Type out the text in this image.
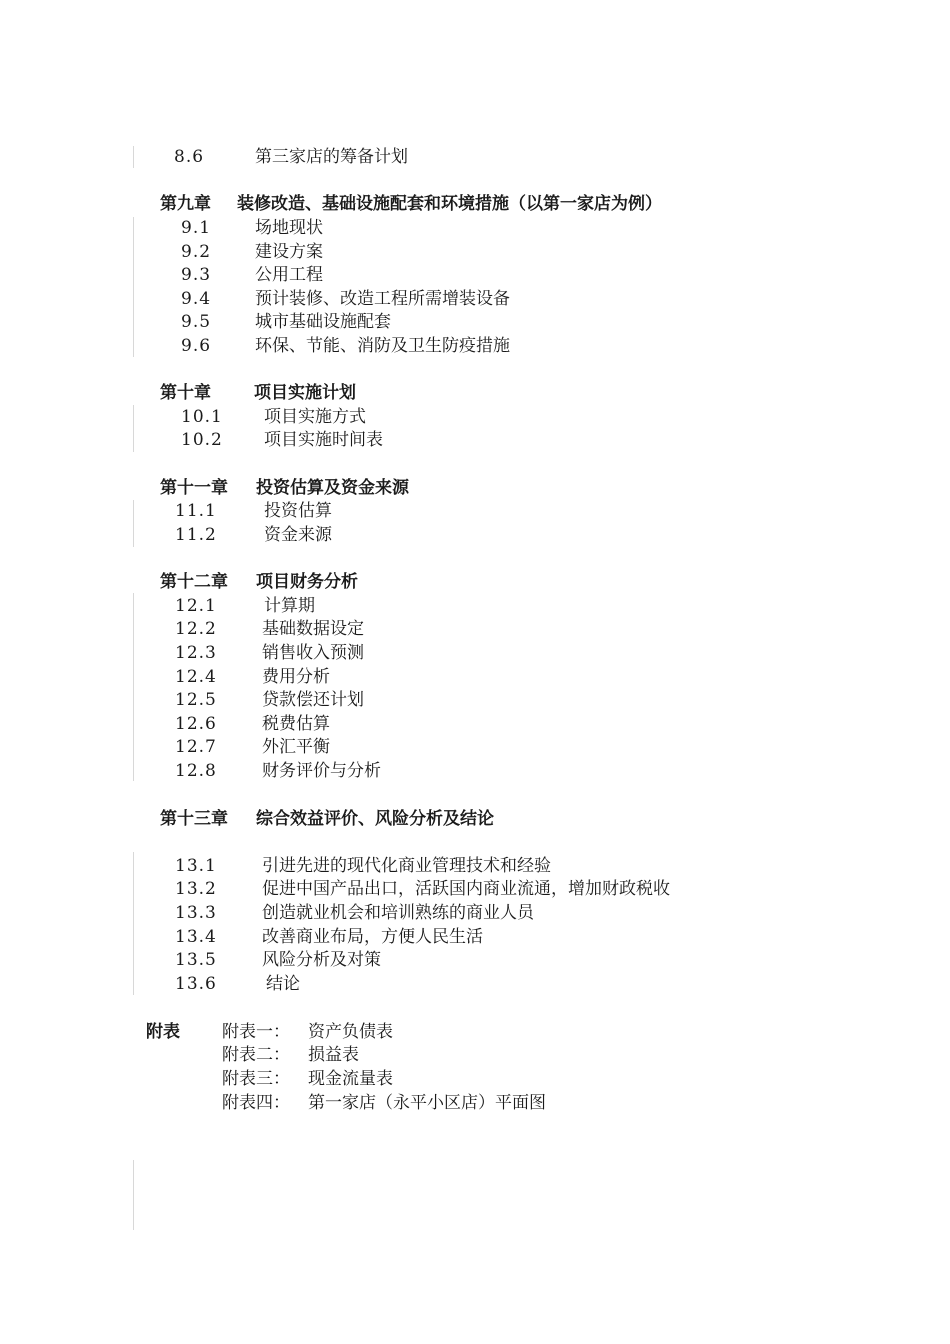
8.6	第三家店的筹备计划
第九章 装修改造、基础设施配套和环境措施（以第一家店为例）
9.1	场地现状
9.2	建设方案
9.3	公用工程
9.4	预计装修、改造工程所需增装设备
9.5	城市基础设施配套
9.6	环保、节能、消防及卫生防疫措施
第十章	项目实施计划
10.1 项目实施方式
10.2 项目实施时间表
第十一章 投资估算及资金来源
11.1	投资估算
11.2	资金来源
第十二章 项目财务分析
12.1	计算期
12.2	基础数据设定
12.3	销售收入预测
12.4	费用分析
12.5	贷款偿还计划
12.6	税费估算
12.7	外汇平衡
12.8	财务评价与分析
第十三章 综合效益评价、风险分析及结论
13.1	引进先进的现代化商业管理技术和经验
13.2	促进中国产品出口，活跃国内商业流通，增加财政税收
13.3	创造就业机会和培训熟练的商业人员
13.4	改善商业布局，方便人民生活
13.5	风险分析及对策
13.6	结论
附表 附表一： 资产负债表
附表二： 损益表
附表三： 现金流量表
附表四： 第一家店（永平小区店）平面图
